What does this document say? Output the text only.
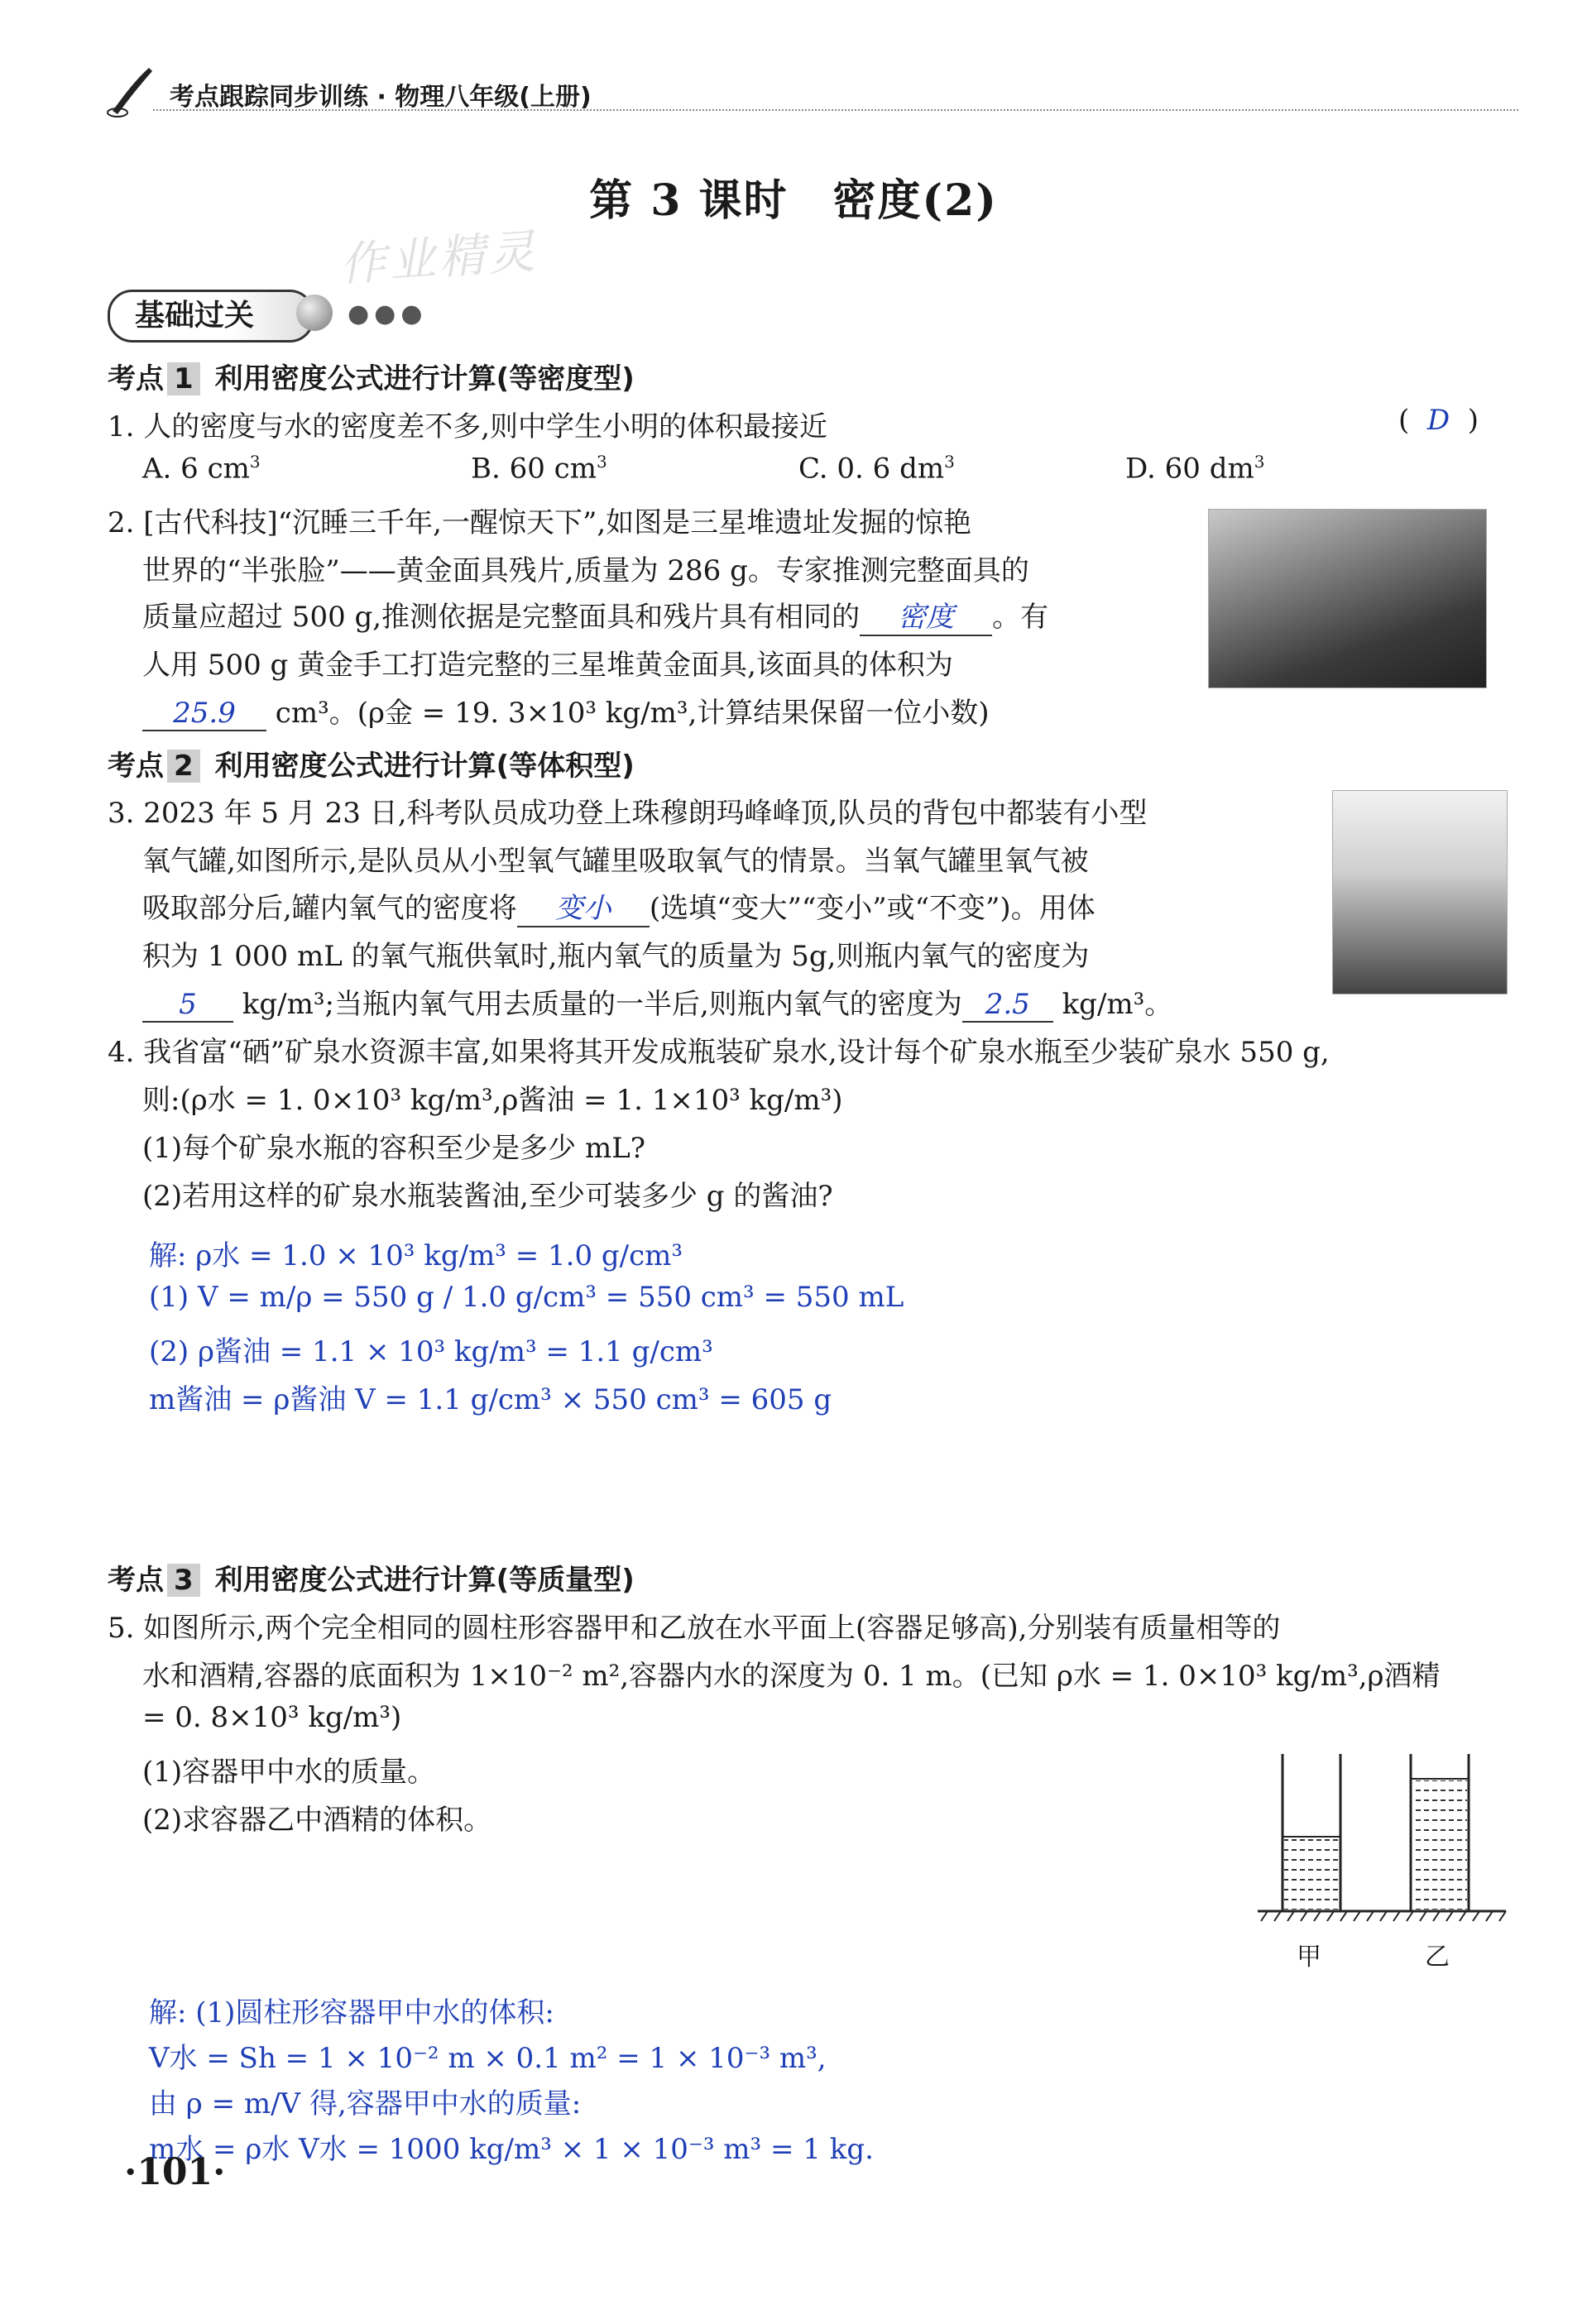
考点跟踪同步训练 · 物理八年级(上册)
第 3 课时　密度(2)
作业精灵
基础过关	●●●
考点 1 利用密度公式进行计算(等密度型)
1. 人的密度与水的密度差不多,则中学生小明的体积最接近	(  D  )
A. 6 $cm^3$	B. 60 $cm^3$	C. 0. 6 $dm^3$	D. 60 $dm^3$
2. [古代科技]“沉睡三千年,一醒惊天下”,如图是三星堆遗址发掘的惊艳
世界的“半张脸”——黄金面具残片,质量为 286 g。专家推测完整面具的
质量应超过 500 g,推测依据是完整面具和残片具有相同的 密度 。有
人用 500 g 黄金手工打造完整的三星堆黄金面具,该面具的体积为
25.9 cm³。(ρ金 = 19. 3×10³ kg/m³,计算结果保留一位小数)
考点 2 利用密度公式进行计算(等体积型)
3. 2023 年 5 月 23 日,科考队员成功登上珠穆朗玛峰峰顶,队员的背包中都装有小型
氧气罐,如图所示,是队员从小型氧气罐里吸取氧气的情景。当氧气罐里氧气被
吸取部分后,罐内氧气的密度将 变小 (选填“变大”“变小”或“不变”)。用体
积为 1 000 mL 的氧气瓶供氧时,瓶内氧气的质量为 5g,则瓶内氧气的密度为
5 kg/m³;当瓶内氧气用去质量的一半后,则瓶内氧气的密度为 2.5 kg/m³。
4. 我省富“硒”矿泉水资源丰富,如果将其开发成瓶装矿泉水,设计每个矿泉水瓶至少装矿泉水 550 g,
则:(ρ水 = 1. 0×10³ kg/m³,ρ酱油 = 1. 1×10³ kg/m³)
(1)每个矿泉水瓶的容积至少是多少 mL?
(2)若用这样的矿泉水瓶装酱油,至少可装多少 g 的酱油?
解: ρ水 = 1.0 × 10³ kg/m³ = 1.0 g/cm³
(1) V = m/ρ = 550 g / 1.0 g/cm³ = 550 cm³ = 550 mL
(2) ρ酱油 = 1.1 × 10³ kg/m³ = 1.1 g/cm³
m酱油 = ρ酱油 V = 1.1 g/cm³ × 550 cm³ = 605 g
考点 3 利用密度公式进行计算(等质量型)
5. 如图所示,两个完全相同的圆柱形容器甲和乙放在水平面上(容器足够高),分别装有质量相等的
水和酒精,容器的底面积为 1×10⁻² m²,容器内水的深度为 0. 1 m。(已知 ρ水 = 1. 0×10³ kg/m³,ρ酒精
= 0. 8×10³ kg/m³)
(1)容器甲中水的质量。
(2)求容器乙中酒精的体积。
甲	乙
解: (1)圆柱形容器甲中水的体积:
V水 = Sh = 1 × 10⁻² m × 0.1 m² = 1 × 10⁻³ m³,
由 ρ = m/V 得,容器甲中水的质量:
m水 = ρ水 V水 = 1000 kg/m³ × 1 × 10⁻³ m³ = 1 kg.
·101·
